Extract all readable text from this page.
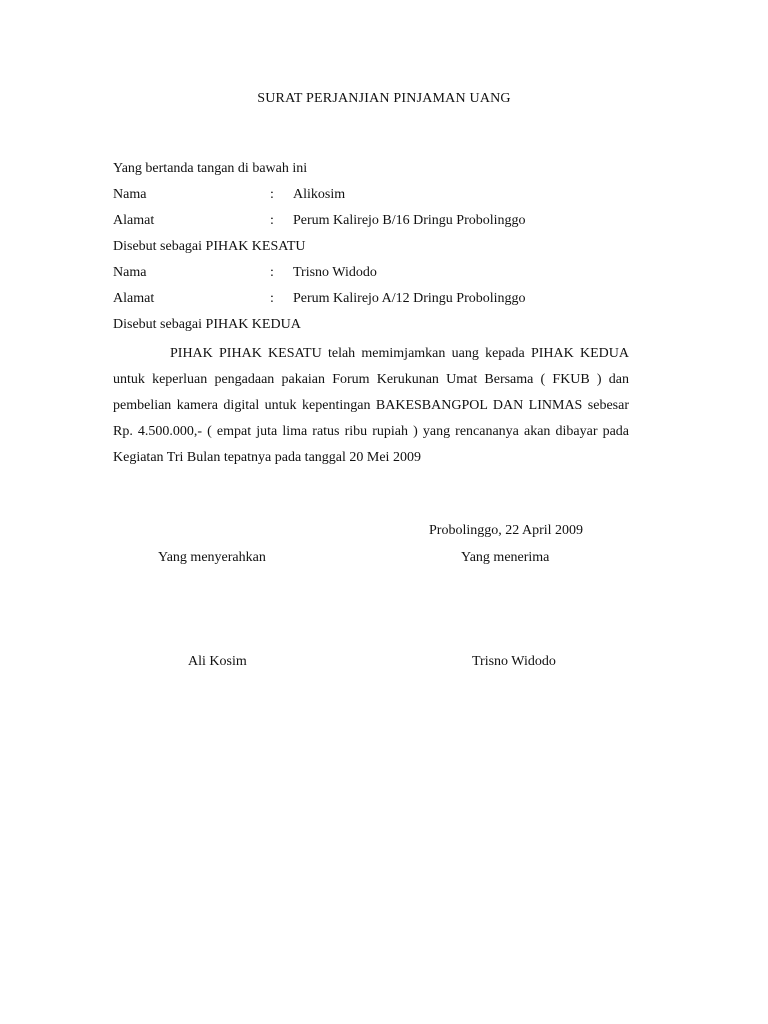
SURAT PERJANJIAN PINJAMAN UANG
Yang bertanda tangan di bawah ini
Nama	: Alikosim
Alamat	: Perum Kalirejo B/16 Dringu Probolinggo
Disebut sebagai PIHAK KESATU
Nama	: Trisno Widodo
Alamat	: Perum Kalirejo A/12 Dringu Probolinggo
Disebut sebagai PIHAK KEDUA
PIHAK PIHAK KESATU telah memimjamkan uang kepada PIHAK KEDUA untuk keperluan pengadaan pakaian Forum Kerukunan Umat Bersama ( FKUB ) dan pembelian kamera digital untuk kepentingan BAKESBANGPOL DAN LINMAS sebesar Rp. 4.500.000,- ( empat juta lima ratus ribu rupiah ) yang rencananya akan dibayar pada Kegiatan Tri Bulan tepatnya pada tanggal 20 Mei 2009
Probolinggo, 22 April 2009
Yang menyerahkan	Yang menerima
Ali Kosim	Trisno Widodo
